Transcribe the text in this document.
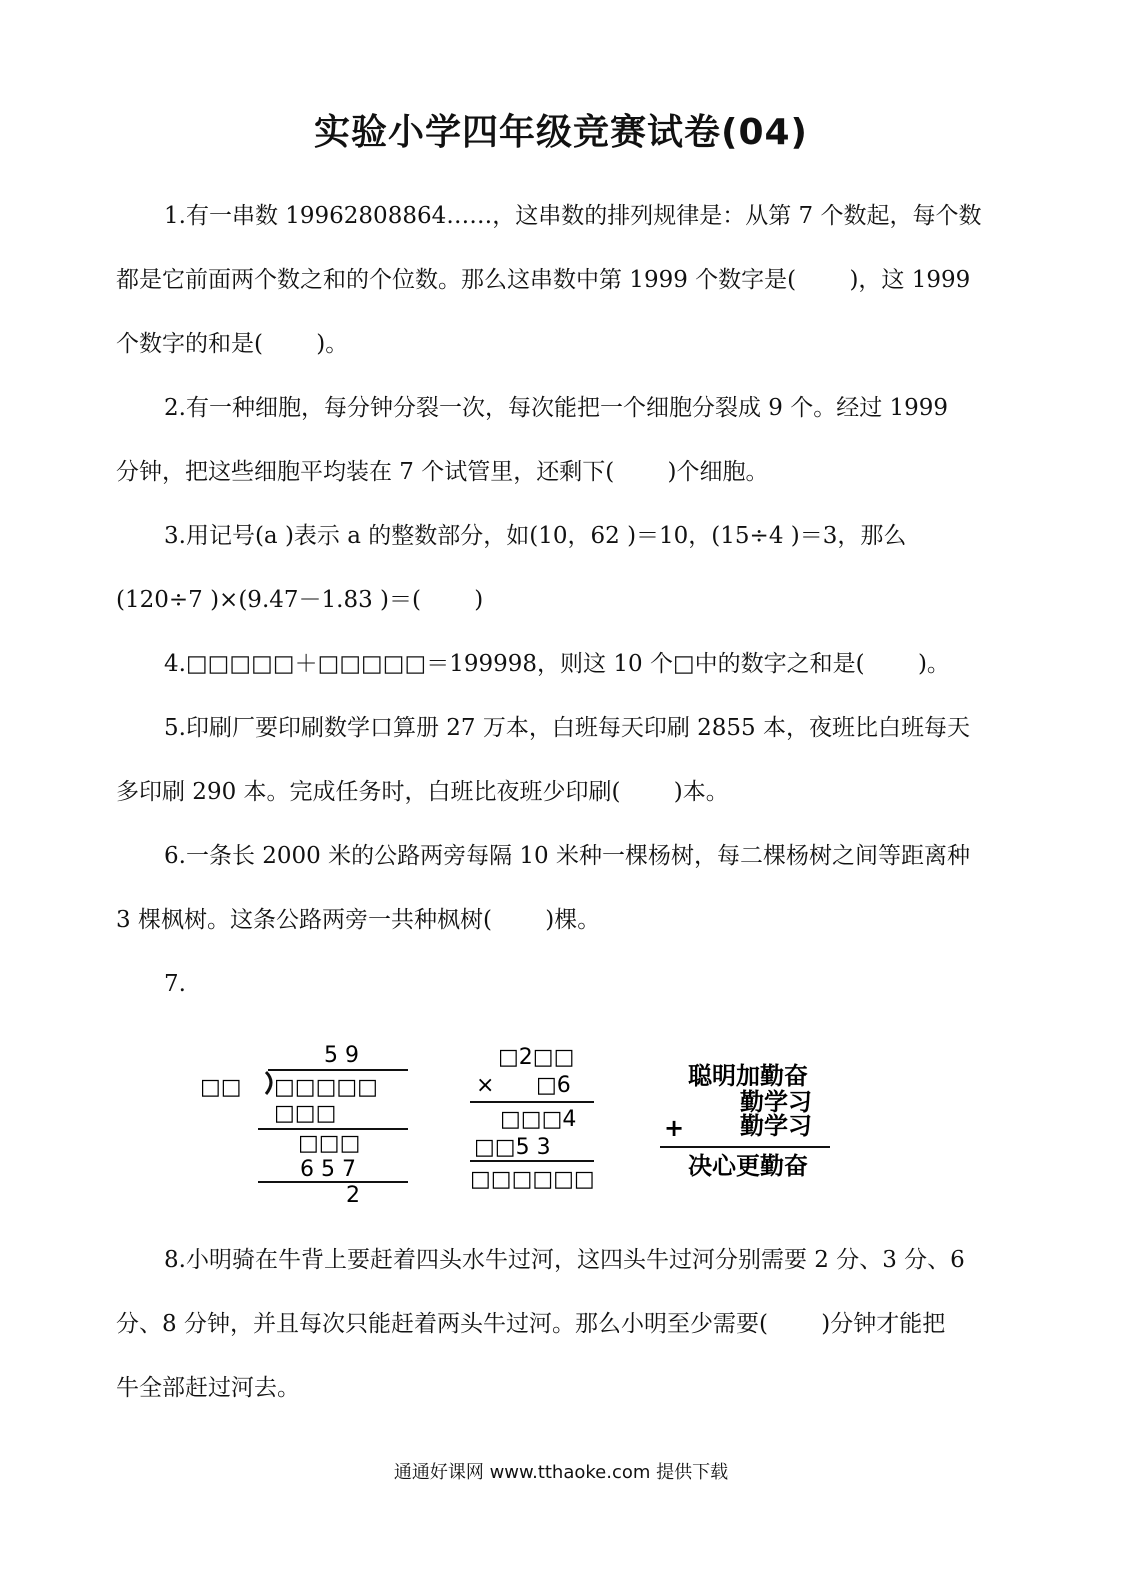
实验小学四年级竞赛试卷(04)
1.有一串数 19962808864……，这串数的排列规律是：从第 7 个数起，每个数
都是它前面两个数之和的个位数。那么这串数中第 1999 个数字是(　　 )，这 1999
个数字的和是(　　 )。
2.有一种细胞，每分钟分裂一次，每次能把一个细胞分裂成 9 个。经过 1999
分钟，把这些细胞平均装在 7 个试管里，还剩下(　　 )个细胞。
3.用记号(a )表示 a 的整数部分，如(10，62 )＝10，(15÷4 )＝3，那么
(120÷7 )×(9.47－1.83 )＝(　　 )
4.□□□□□＋□□□□□＝199998，则这 10 个□中的数字之和是(　　 )。
5.印刷厂要印刷数学口算册 27 万本，白班每天印刷 2855 本，夜班比白班每天
多印刷 290 本。完成任务时，白班比夜班少印刷(　　 )本。
6.一条长 2000 米的公路两旁每隔 10 米种一棵杨树，每二棵杨树之间等距离种
3 棵枫树。这条公路两旁一共种枫树(　　 )棵。
7.
5 9
□□ □□□□□
□□□
□□□
6 5 7
2
□2□□
× □6
□□□4
□□5 3
□□□□□□
聪明加勤奋
勤学习
+ 勤学习
决心更勤奋
8.小明骑在牛背上要赶着四头水牛过河，这四头牛过河分别需要 2 分、3 分、6
分、8 分钟，并且每次只能赶着两头牛过河。那么小明至少需要(　　 )分钟才能把
牛全部赶过河去。
通通好课网 www.tthaoke.com 提供下载
